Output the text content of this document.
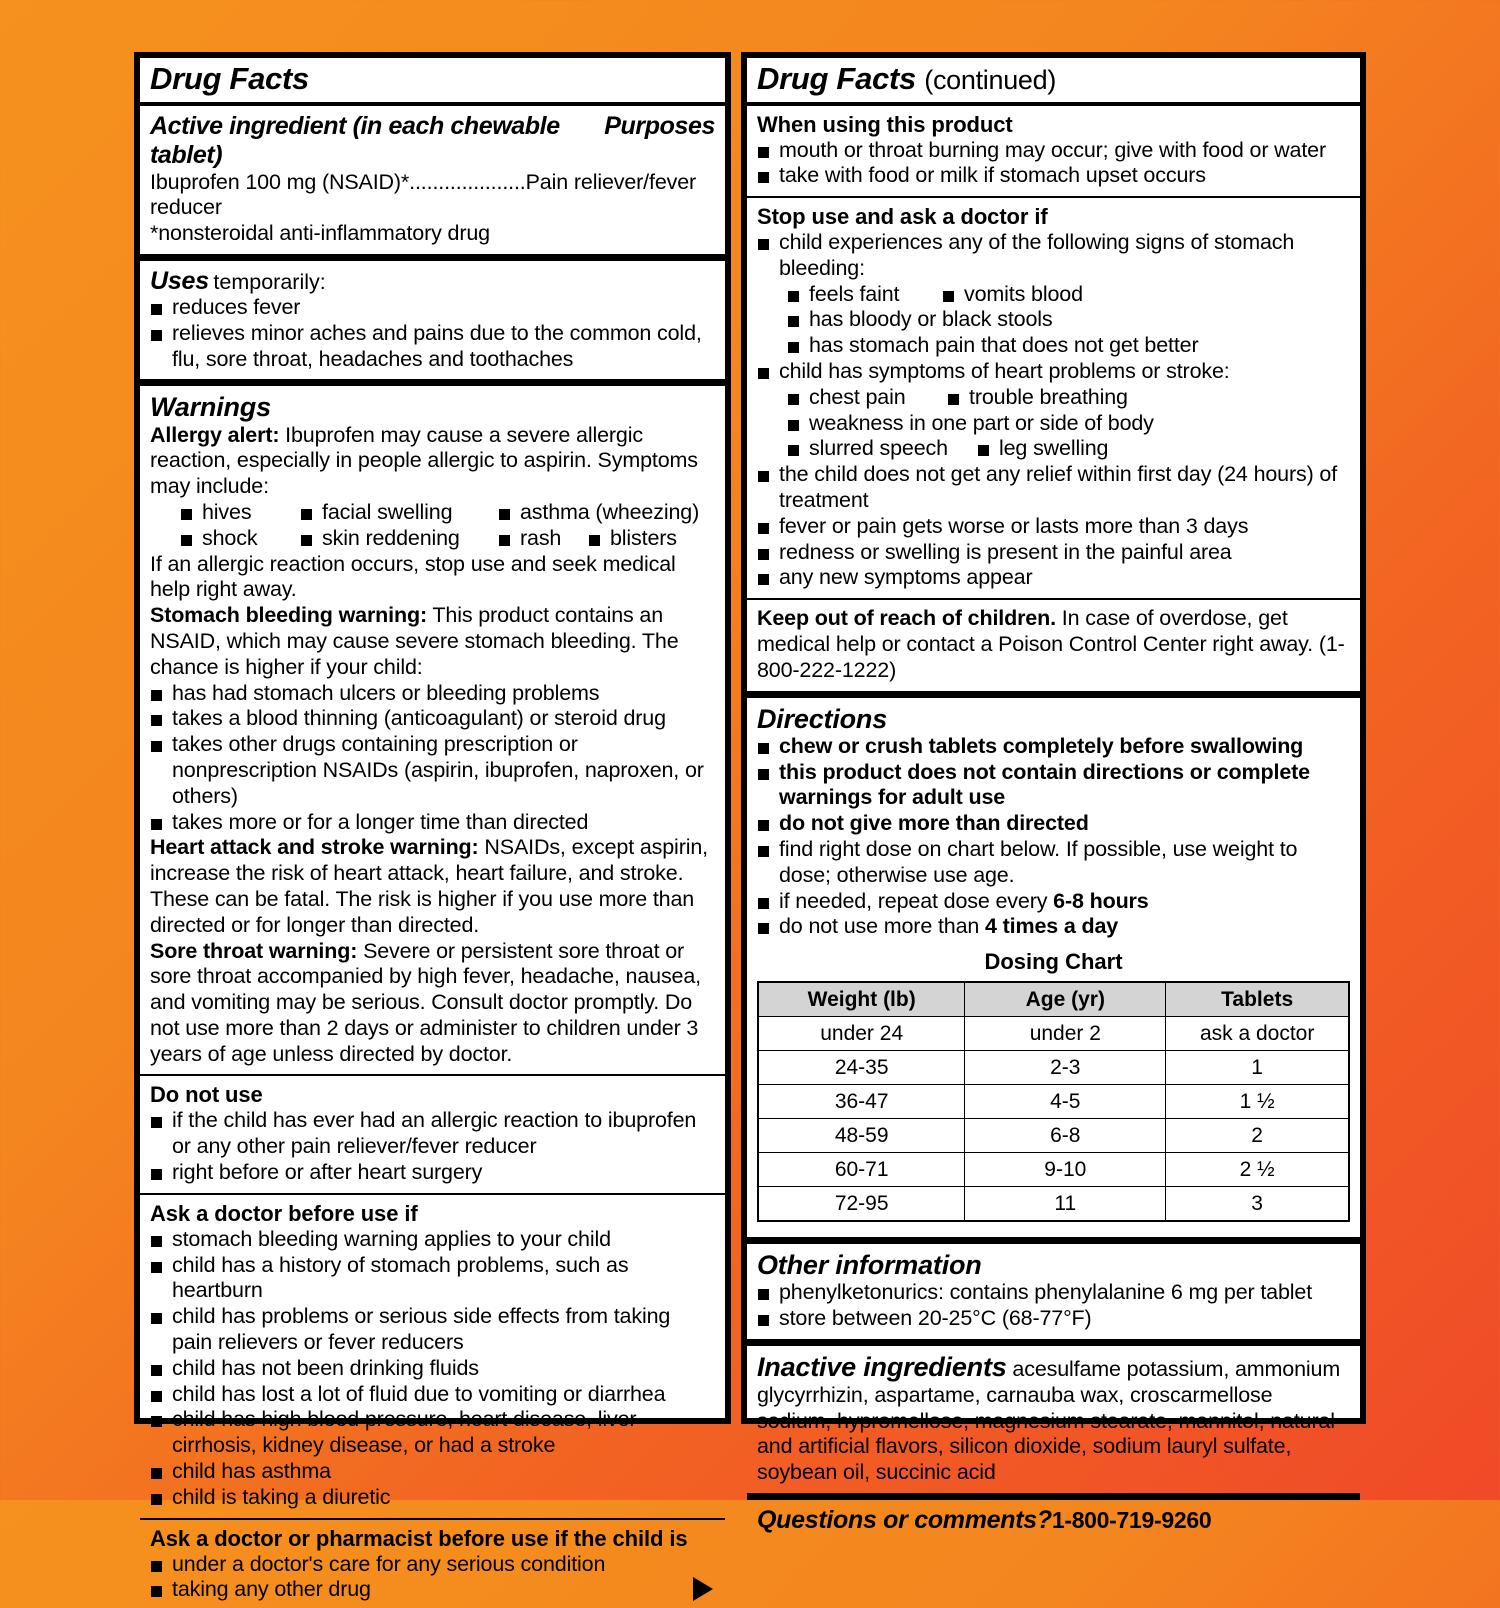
Drug Facts
Active ingredient (in each chewable tablet)
Purposes
Ibuprofen 100 mg (NSAID)*....................Pain reliever/fever reducer
*nonsteroidal anti-inflammatory drug
Uses temporarily:
reduces fever
relieves minor aches and pains due to the common cold, flu, sore throat, headaches and toothaches
Warnings
Allergy alert: Ibuprofen may cause a severe allergic reaction, especially in people allergic to aspirin. Symptoms may include:
hives	facial swelling	asthma (wheezing)
shock	skin reddening	rash	blisters
If an allergic reaction occurs, stop use and seek medical help right away.
Stomach bleeding warning: This product contains an NSAID, which may cause severe stomach bleeding. The chance is higher if your child:
has had stomach ulcers or bleeding problems
takes a blood thinning (anticoagulant) or steroid drug
takes other drugs containing prescription or nonprescription NSAIDs (aspirin, ibuprofen, naproxen, or others)
takes more or for a longer time than directed
Heart attack and stroke warning: NSAIDs, except aspirin, increase the risk of heart attack, heart failure, and stroke. These can be fatal. The risk is higher if you use more than directed or for longer than directed.
Sore throat warning: Severe or persistent sore throat or sore throat accompanied by high fever, headache, nausea, and vomiting may be serious. Consult doctor promptly. Do not use more than 2 days or administer to children under 3 years of age unless directed by doctor.
Do not use
if the child has ever had an allergic reaction to ibuprofen or any other pain reliever/fever reducer
right before or after heart surgery
Ask a doctor before use if
stomach bleeding warning applies to your child
child has a history of stomach problems, such as heartburn
child has problems or serious side effects from taking pain relievers or fever reducers
child has not been drinking fluids
child has lost a lot of fluid due to vomiting or diarrhea
child has high blood pressure, heart disease, liver cirrhosis, kidney disease, or had a stroke
child has asthma
child is taking a diuretic
Ask a doctor or pharmacist before use if the child is
under a doctor's care for any serious condition
taking any other drug
Drug Facts (continued)
When using this product
mouth or throat burning may occur; give with food or water
take with food or milk if stomach upset occurs
Stop use and ask a doctor if
child experiences any of the following signs of stomach bleeding:
feels faint	vomits blood
has bloody or black stools
has stomach pain that does not get better
child has symptoms of heart problems or stroke:
chest pain	trouble breathing
weakness in one part or side of body
slurred speech	leg swelling
the child does not get any relief within first day (24 hours) of treatment
fever or pain gets worse or lasts more than 3 days
redness or swelling is present in the painful area
any new symptoms appear
Keep out of reach of children. In case of overdose, get medical help or contact a Poison Control Center right away. (1-800-222-1222)
Directions
chew or crush tablets completely before swallowing
this product does not contain directions or complete warnings for adult use
do not give more than directed
find right dose on chart below. If possible, use weight to dose; otherwise use age.
if needed, repeat dose every 6-8 hours
do not use more than 4 times a day
Dosing Chart
Weight (lb)	Age (yr)	Tablets
under 24	under 2	ask a doctor
24-35	2-3	1
36-47	4-5	1 ½
48-59	6-8	2
60-71	9-10	2 ½
72-95	11	3
Other information
phenylketonurics: contains phenylalanine 6 mg per tablet
store between 20-25°C (68-77°F)
Inactive ingredients acesulfame potassium, ammonium glycyrrhizin, aspartame, carnauba wax, croscarmellose sodium, hypromellose, magnesium stearate, mannitol, natural and artificial flavors, silicon dioxide, sodium lauryl sulfate, soybean oil, succinic acid
Questions or comments?1-800-719-9260
